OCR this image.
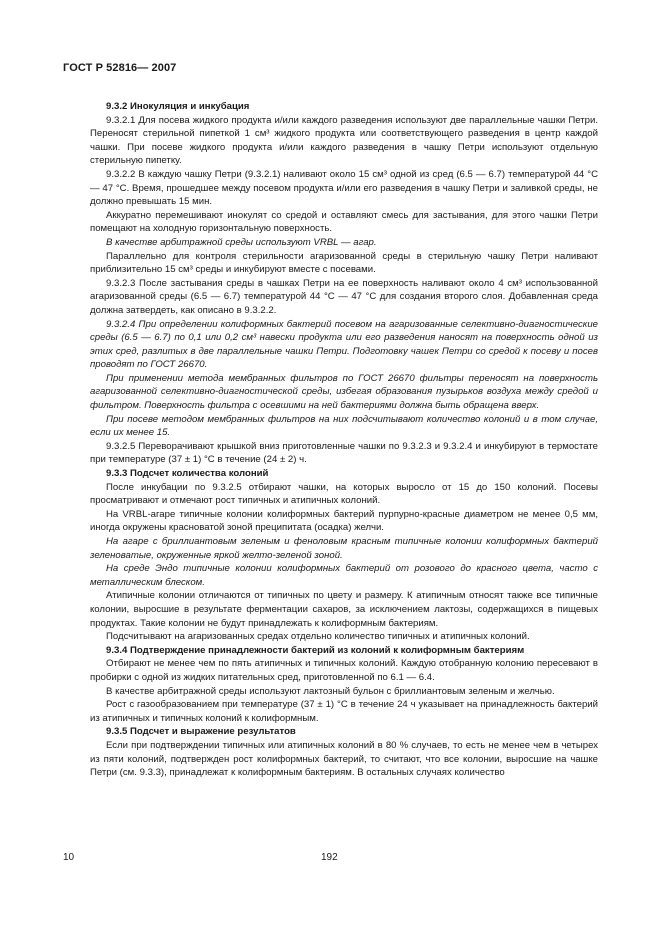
ГОСТ Р 52816— 2007

9.3.2 Инокуляция и инкубация

9.3.2.1 Для посева жидкого продукта и/или каждого разведения используют две параллельные чашки Петри. Переносят стерильной пипеткой 1 см³ жидкого продукта или соответствующего разведения в центр каждой чашки. При посеве жидкого продукта и/или каждого разведения в чашку Петри используют отдельную стерильную пипетку.

9.3.2.2 В каждую чашку Петри (9.3.2.1) наливают около 15 см³ одной из сред (6.5 — 6.7) температурой 44 °С — 47 °С. Время, прошедшее между посевом продукта и/или его разведения в чашку Петри и заливкой среды, не должно превышать 15 мин.

Аккуратно перемешивают инокулят со средой и оставляют смесь для застывания, для этого чашки Петри помещают на холодную горизонтальную поверхность.

В качестве арбитражной среды используют VRBL — агар.

Параллельно для контроля стерильности агаризованной среды в стерильную чашку Петри наливают приблизительно 15 см³ среды и инкубируют вместе с посевами.

9.3.2.3 После застывания среды в чашках Петри на ее поверхность наливают около 4 см³ использованной агаризованной среды (6.5 — 6.7) температурой 44 °С — 47 °С для создания второго слоя. Добавленная среда должна затвердеть, как описано в 9.3.2.2.

9.3.2.4 При определении колиформных бактерий посевом на агаризованные селективно-диагностические среды (6.5 — 6.7) по 0,1 или 0,2 см³ навески продукта или его разведения наносят на поверхность одной из этих сред, разлитых в две параллельные чашки Петри. Подготовку чашек Петри со средой к посеву и посев проводят по ГОСТ 26670.

При применении метода мембранных фильтров по ГОСТ 26670 фильтры переносят на поверхность агаризованной селективно-диагностической среды, избегая образования пузырьков воздуха между средой и фильтром. Поверхность фильтра с осевшими на ней бактериями должна быть обращена вверх.

При посеве методом мембранных фильтров на них подсчитывают количество колоний и в том случае, если их менее 15.

9.3.2.5 Переворачивают крышкой вниз приготовленные чашки по 9.3.2.3 и 9.3.2.4 и инкубируют в термостате при температуре (37 ± 1) °С в течение (24 ± 2) ч.

9.3.3 Подсчет количества колоний

После инкубации по 9.3.2.5 отбирают чашки, на которых выросло от 15 до 150 колоний. Посевы просматривают и отмечают рост типичных и атипичных колоний.

На VRBL-агаре типичные колонии колиформных бактерий пурпурно-красные диаметром не менее 0,5 мм, иногда окружены красноватой зоной преципитата (осадка) желчи.

На агаре с бриллиантовым зеленым и феноловым красным типичные колонии колиформных бактерий зеленоватые, окруженные яркой желто-зеленой зоной.

На среде Эндо типичные колонии колиформных бактерий от розового до красного цвета, часто с металлическим блеском.

Атипичные колонии отличаются от типичных по цвету и размеру. К атипичным относят также все типичные колонии, выросшие в результате ферментации сахаров, за исключением лактозы, содержащихся в пищевых продуктах. Такие колонии не будут принадлежать к колиформным бактериям.

Подсчитывают на агаризованных средах отдельно количество типичных и атипичных колоний.

9.3.4 Подтверждение принадлежности бактерий из колоний к колиформным бактериям

Отбирают не менее чем по пять атипичных и типичных колоний. Каждую отобранную колонию пересевают в пробирки с одной из жидких питательных сред, приготовленной по 6.1 — 6.4.

В качестве арбитражной среды используют лактозный бульон с бриллиантовым зеленым и желчью.

Рост с газообразованием при температуре (37 ± 1) °С в течение 24 ч указывает на принадлежность бактерий из атипичных и типичных колоний к колиформным.

9.3.5 Подсчет и выражение результатов

Если при подтверждении типичных или атипичных колоний в 80 % случаев, то есть не менее чем в четырех из пяти колоний, подтвержден рост колиформных бактерий, то считают, что все колонии, выросшие на чашке Петри (см. 9.3.3), принадлежат к колиформным бактериям. В остальных случаях количество

10	192
